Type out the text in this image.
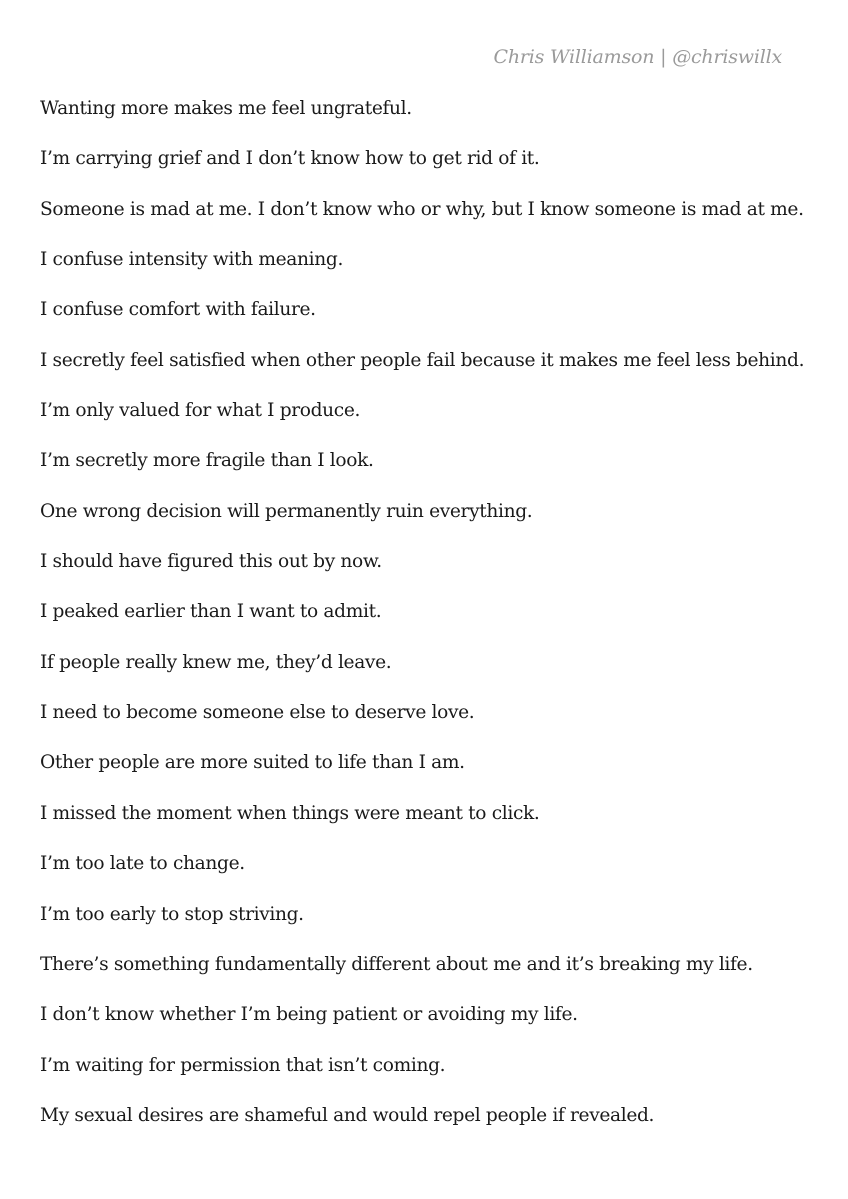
Chris Williamson | @chriswillx
Wanting more makes me feel ungrateful.
I’m carrying grief and I don’t know how to get rid of it.
Someone is mad at me. I don’t know who or why, but I know someone is mad at me.
I confuse intensity with meaning.
I confuse comfort with failure.
I secretly feel satisfied when other people fail because it makes me feel less behind.
I’m only valued for what I produce.
I’m secretly more fragile than I look.
One wrong decision will permanently ruin everything.
I should have figured this out by now.
I peaked earlier than I want to admit.
If people really knew me, they’d leave.
I need to become someone else to deserve love.
Other people are more suited to life than I am.
I missed the moment when things were meant to click.
I’m too late to change.
I’m too early to stop striving.
There’s something fundamentally different about me and it’s breaking my life.
I don’t know whether I’m being patient or avoiding my life.
I’m waiting for permission that isn’t coming.
My sexual desires are shameful and would repel people if revealed.
